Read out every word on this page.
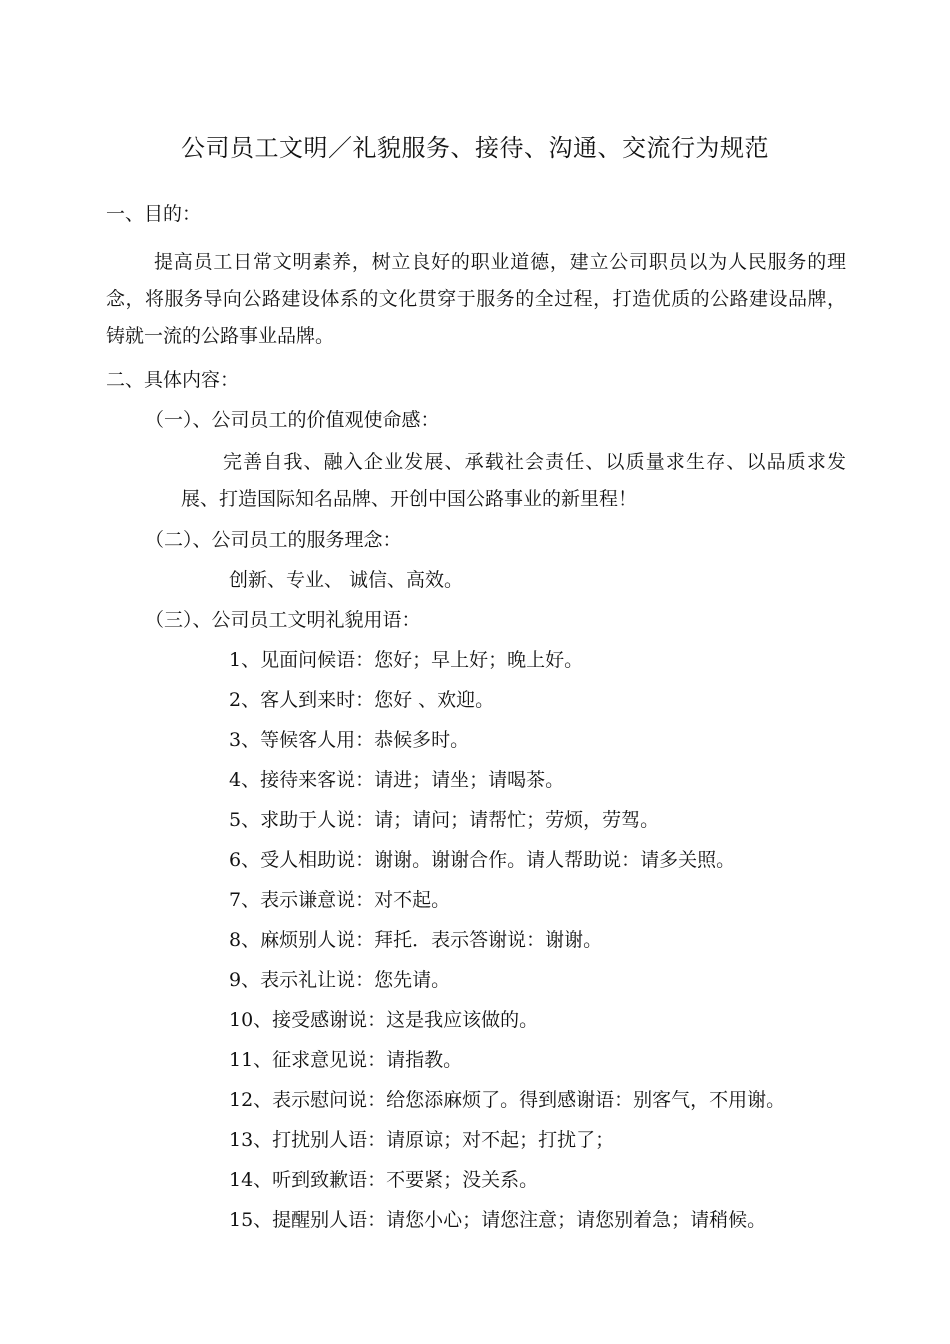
公司员工文明／礼貌服务、接待、沟通、交流行为规范
一、目的：
提高员工日常文明素养，树立良好的职业道德，建立公司职员以为人民服务的理念，将服务导向公路建设体系的文化贯穿于服务的全过程，打造优质的公路建设品牌，铸就一流的公路事业品牌。
二、具体内容：
（一）、公司员工的价值观使命感：
完善自我、融入企业发展、承载社会责任、以质量求生存、以品质求发展、打造国际知名品牌、开创中国公路事业的新里程！
（二）、公司员工的服务理念：
创新、专业、 诚信、高效。
（三）、公司员工文明礼貌用语：
1、见面问候语：您好；早上好；晚上好。
2、客人到来时：您好 、欢迎。
3、等候客人用：恭候多时。
4、接待来客说：请进；请坐；请喝茶。
5、求助于人说：请；请问；请帮忙；劳烦，劳驾。
6、受人相助说：谢谢。谢谢合作。请人帮助说：请多关照。
7、表示谦意说：对不起。
8、麻烦别人说：拜托．表示答谢说：谢谢。
9、表示礼让说：您先请。
10、接受感谢说：这是我应该做的。
11、征求意见说：请指教。
12、表示慰问说：给您添麻烦了。得到感谢语：别客气，不用谢。
13、打扰别人语：请原谅；对不起；打扰了；
14、听到致歉语：不要紧；没关系。
15、提醒别人语：请您小心；请您注意；请您别着急；请稍候。
